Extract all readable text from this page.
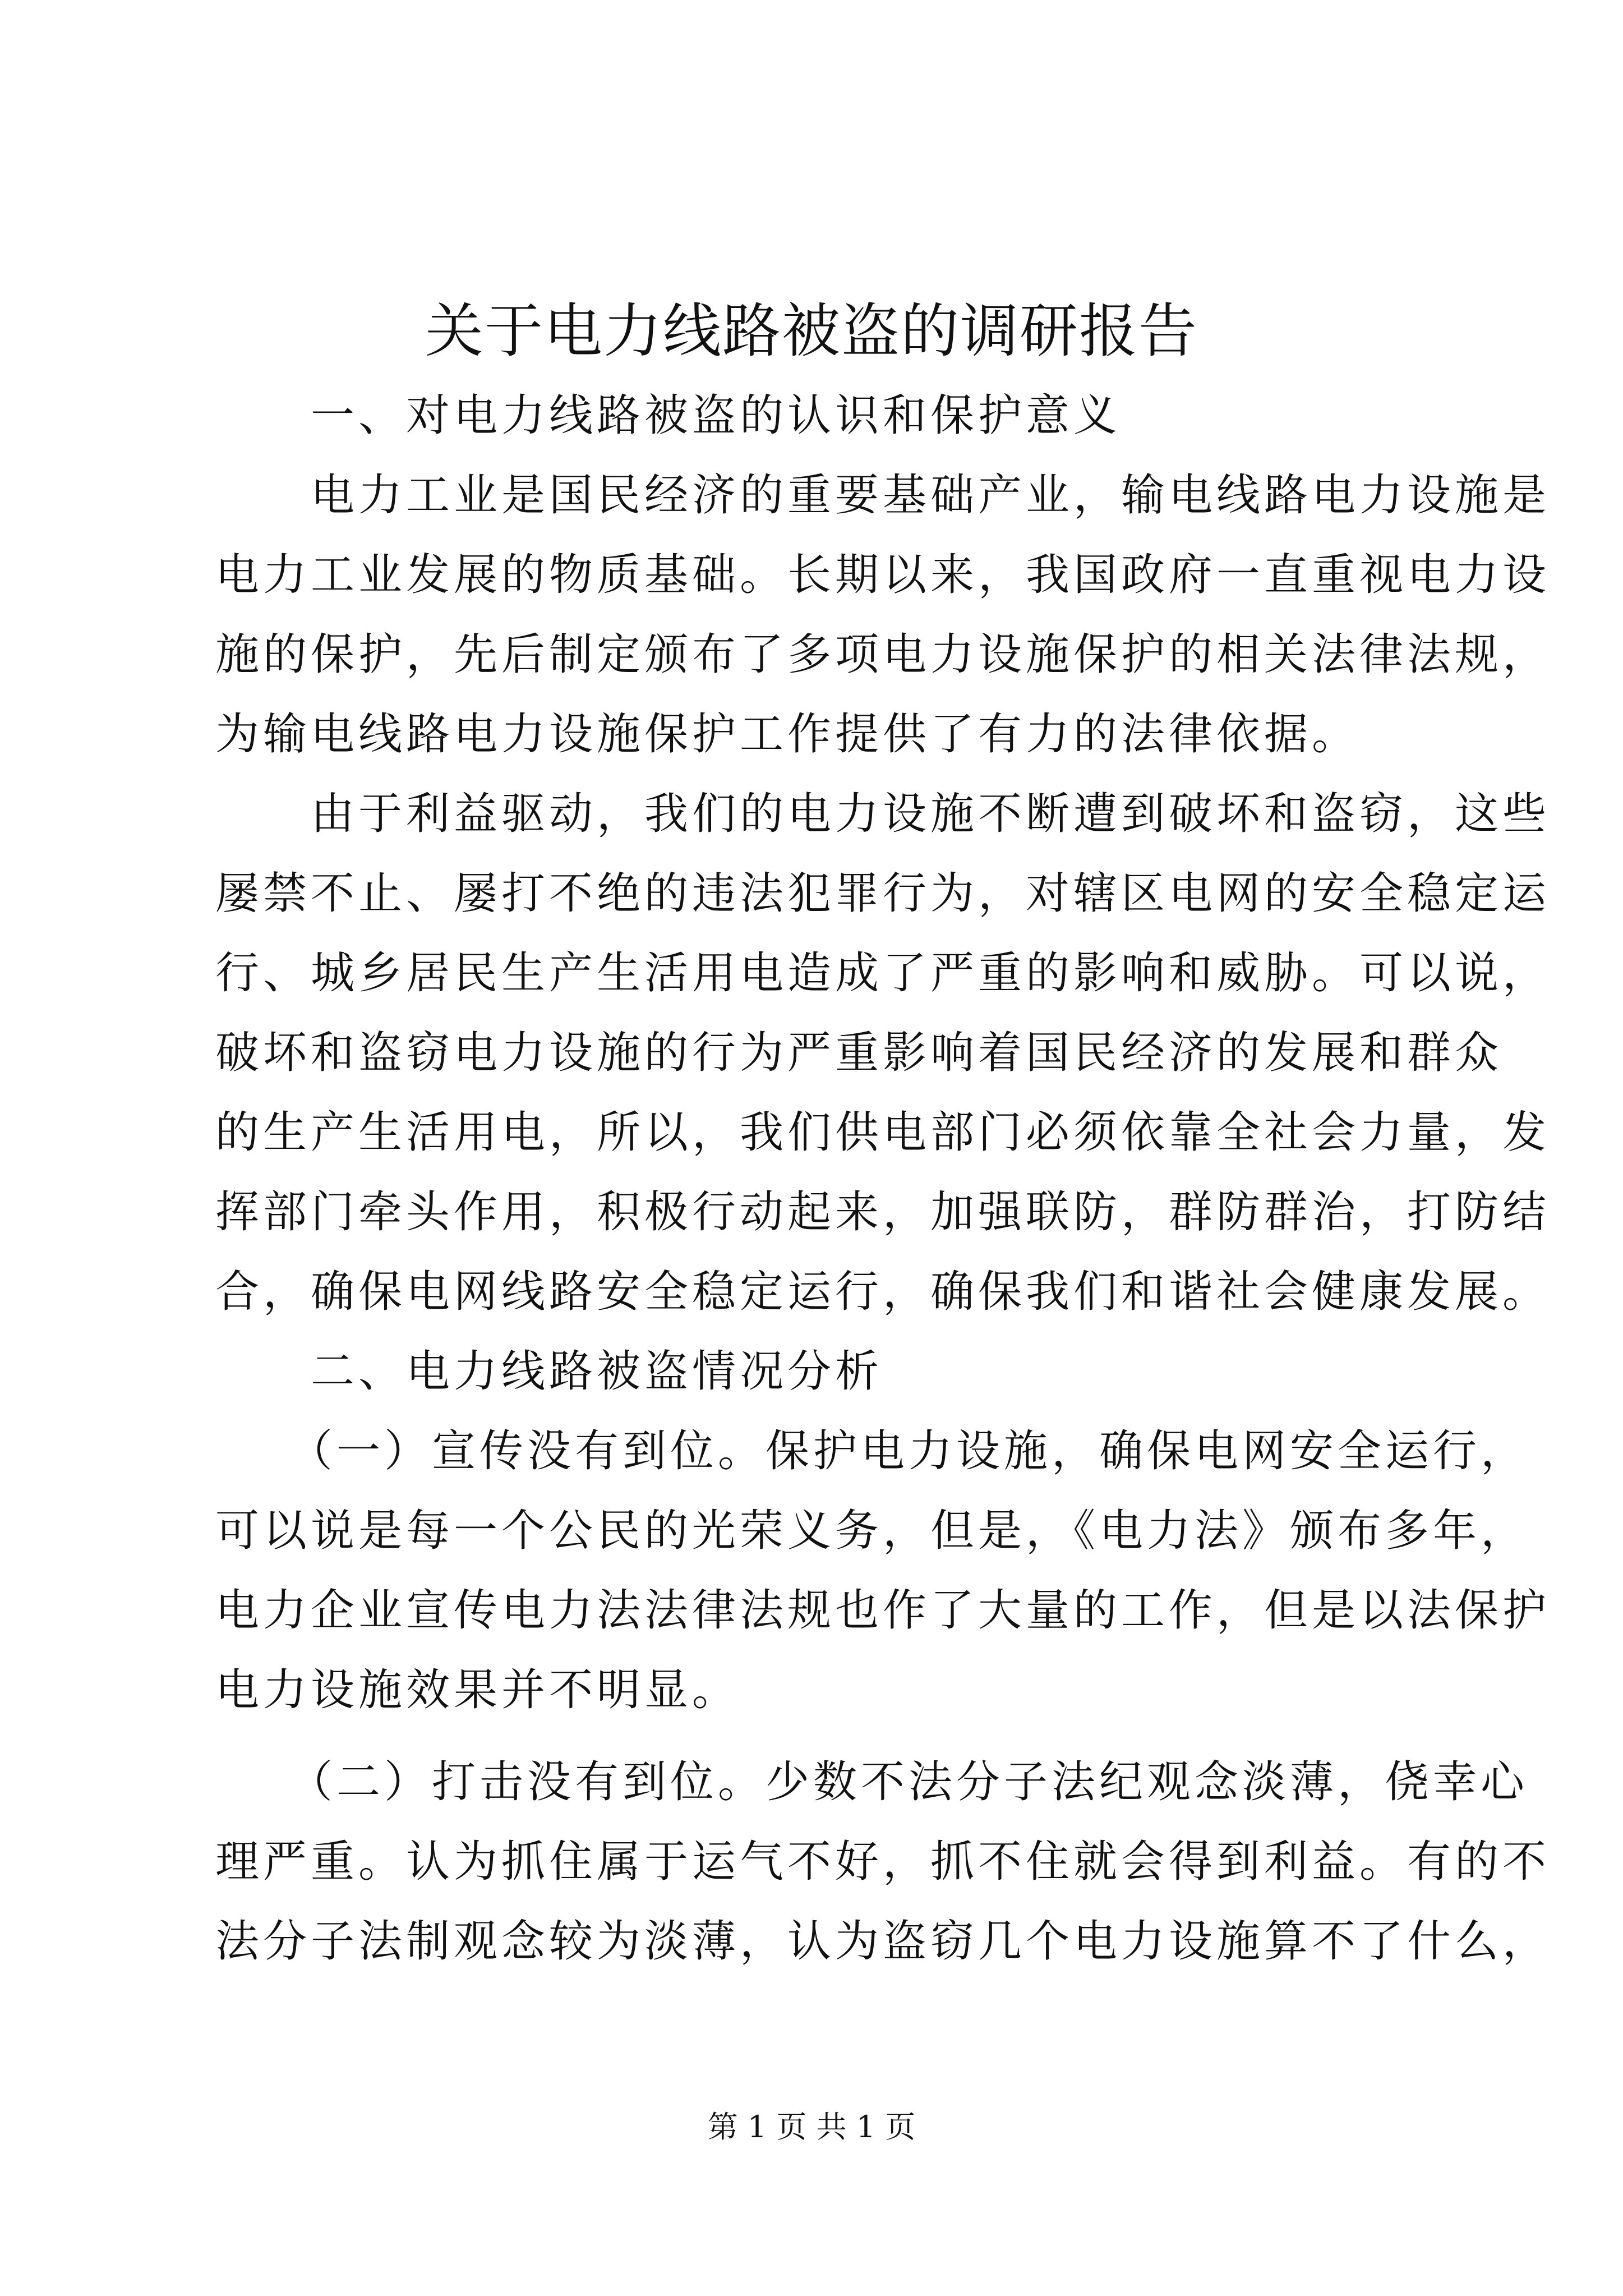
关于电力线路被盗的调研报告
　　一、对电力线路被盗的认识和保护意义
　　电力工业是国民经济的重要基础产业，输电线路电力设施是
电力工业发展的物质基础。长期以来，我国政府一直重视电力设
施的保护，先后制定颁布了多项电力设施保护的相关法律法规，
为输电线路电力设施保护工作提供了有力的法律依据。
　　由于利益驱动，我们的电力设施不断遭到破坏和盗窃，这些
屡禁不止、屡打不绝的违法犯罪行为，对辖区电网的安全稳定运
行、城乡居民生产生活用电造成了严重的影响和威胁。可以说，
破坏和盗窃电力设施的行为严重影响着国民经济的发展和群众
的生产生活用电，所以，我们供电部门必须依靠全社会力量，发
挥部门牵头作用，积极行动起来，加强联防，群防群治，打防结
合，确保电网线路安全稳定运行，确保我们和谐社会健康发展。
　　二、电力线路被盗情况分析
　　（一）宣传没有到位。保护电力设施，确保电网安全运行，
可以说是每一个公民的光荣义务，但是，《电力法》颁布多年，
电力企业宣传电力法法律法规也作了大量的工作，但是以法保护
电力设施效果并不明显。
　　（二）打击没有到位。少数不法分子法纪观念淡薄，侥幸心
理严重。认为抓住属于运气不好，抓不住就会得到利益。有的不
法分子法制观念较为淡薄，认为盗窃几个电力设施算不了什么，
第 1 页 共 1 页
